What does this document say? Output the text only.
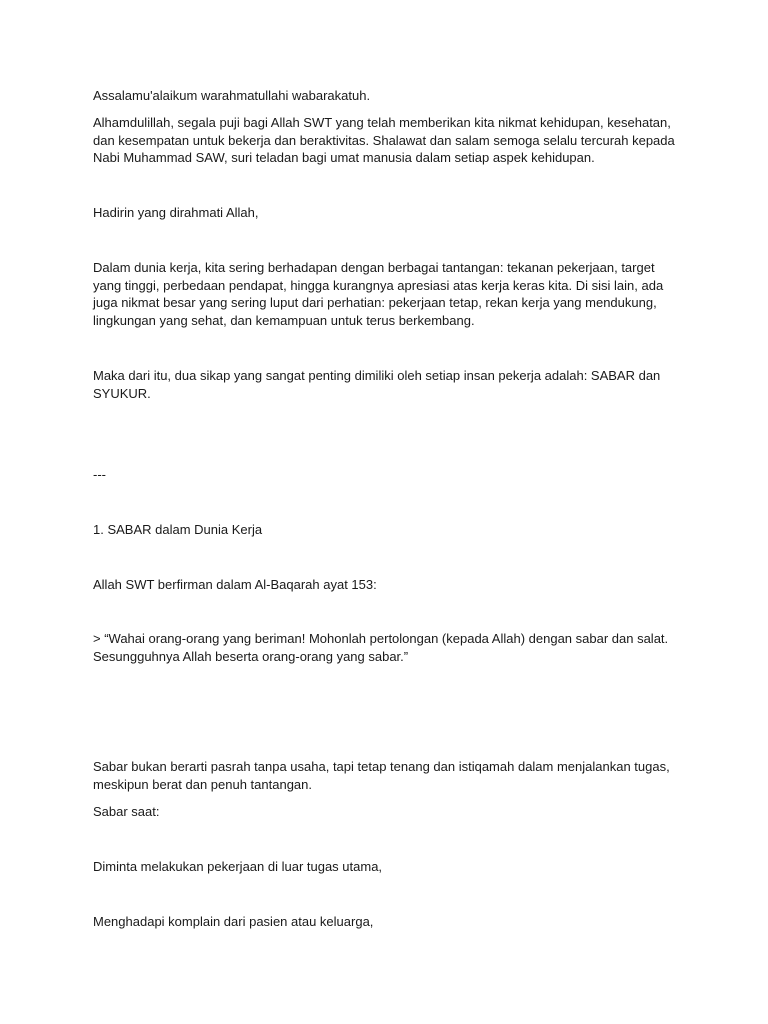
Assalamu'alaikum warahmatullahi wabarakatuh.

Alhamdulillah, segala puji bagi Allah SWT yang telah memberikan kita nikmat kehidupan, kesehatan, dan kesempatan untuk bekerja dan beraktivitas. Shalawat dan salam semoga selalu tercurah kepada Nabi Muhammad SAW, suri teladan bagi umat manusia dalam setiap aspek kehidupan.

Hadirin yang dirahmati Allah,

Dalam dunia kerja, kita sering berhadapan dengan berbagai tantangan: tekanan pekerjaan, target yang tinggi, perbedaan pendapat, hingga kurangnya apresiasi atas kerja keras kita. Di sisi lain, ada juga nikmat besar yang sering luput dari perhatian: pekerjaan tetap, rekan kerja yang mendukung, lingkungan yang sehat, dan kemampuan untuk terus berkembang.

Maka dari itu, dua sikap yang sangat penting dimiliki oleh setiap insan pekerja adalah: SABAR dan SYUKUR.

---

1. SABAR dalam Dunia Kerja

Allah SWT berfirman dalam Al-Baqarah ayat 153:

> “Wahai orang-orang yang beriman! Mohonlah pertolongan (kepada Allah) dengan sabar dan salat. Sesungguhnya Allah beserta orang-orang yang sabar.”

Sabar bukan berarti pasrah tanpa usaha, tapi tetap tenang dan istiqamah dalam menjalankan tugas, meskipun berat dan penuh tantangan.

Sabar saat:

Diminta melakukan pekerjaan di luar tugas utama,

Menghadapi komplain dari pasien atau keluarga,
